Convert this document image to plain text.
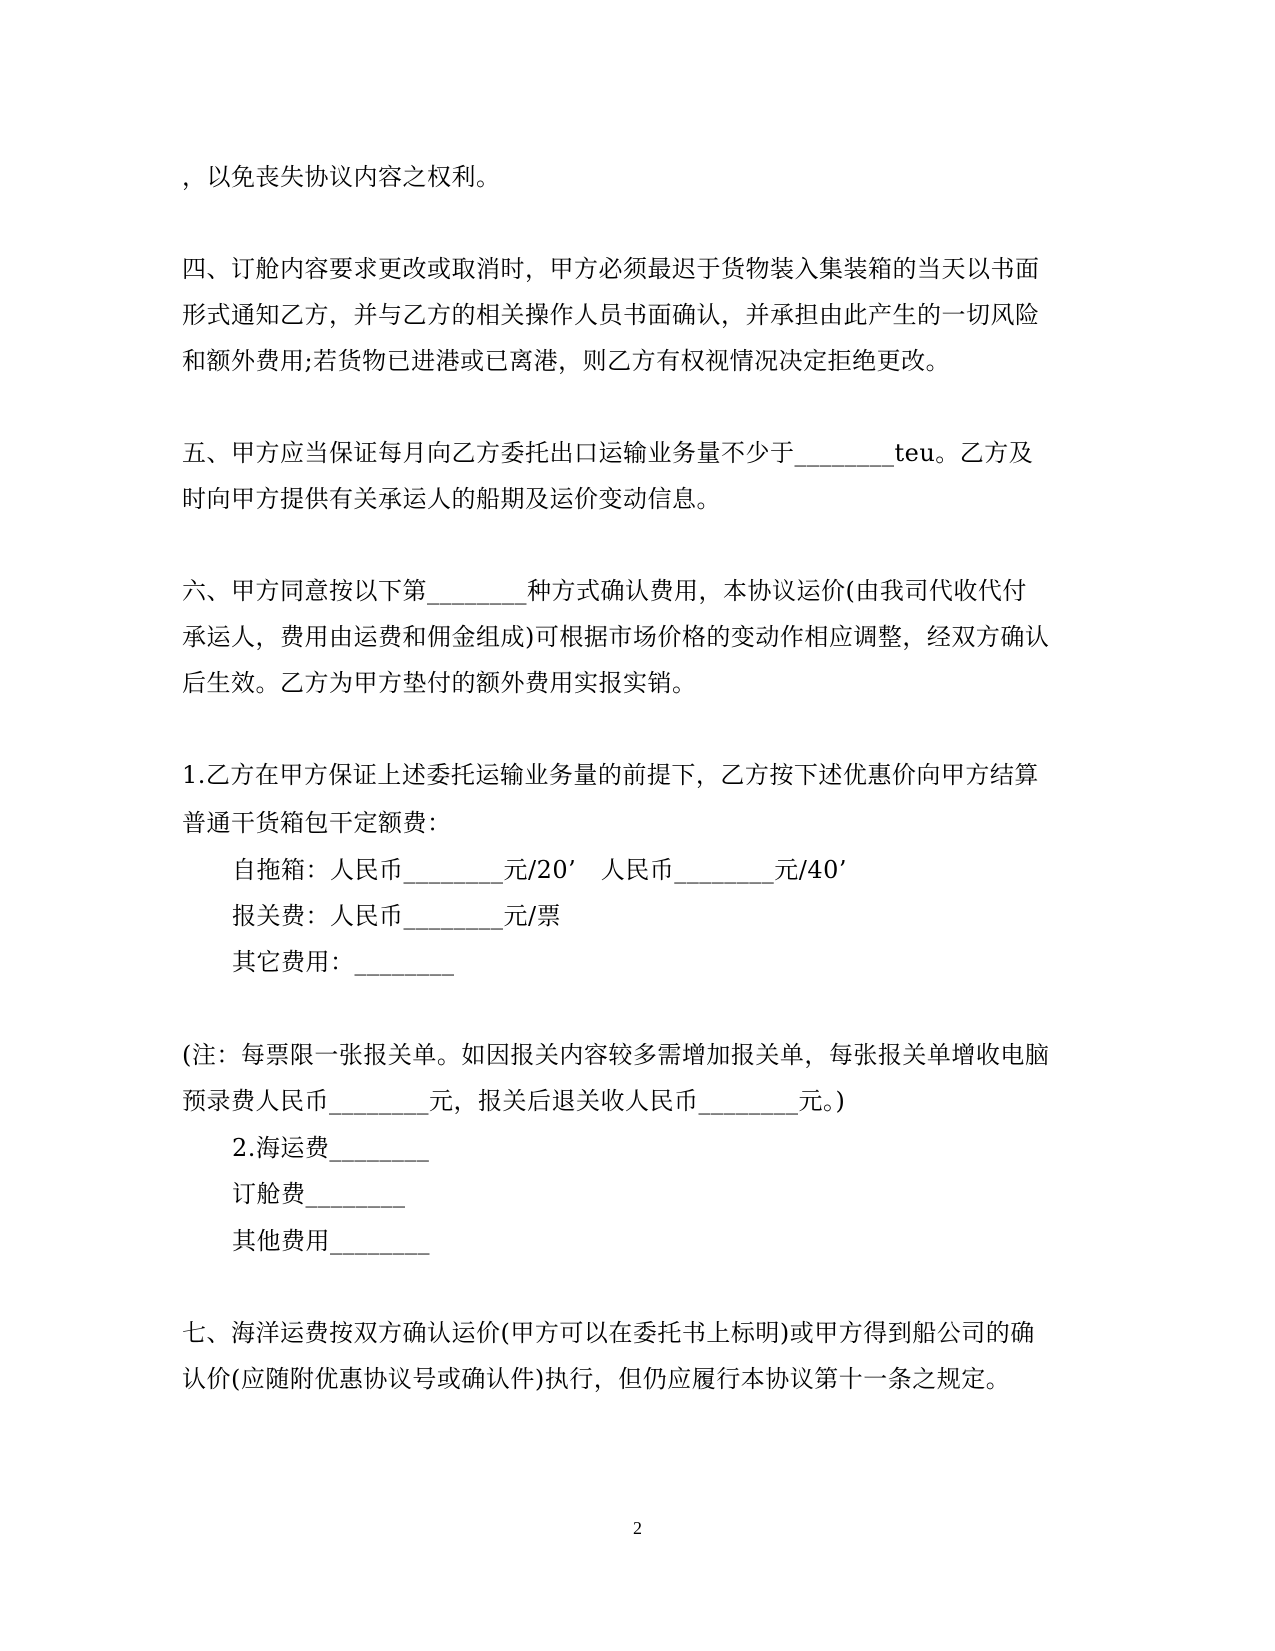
，以免丧失协议内容之权利。
四、订舱内容要求更改或取消时，甲方必须最迟于货物装入集装箱的当天以书面
形式通知乙方，并与乙方的相关操作人员书面确认，并承担由此产生的一切风险
和额外费用;若货物已进港或已离港，则乙方有权视情况决定拒绝更改。
五、甲方应当保证每月向乙方委托出口运输业务量不少于________teu。乙方及
时向甲方提供有关承运人的船期及运价变动信息。
六、甲方同意按以下第________种方式确认费用，本协议运价(由我司代收代付
承运人，费用由运费和佣金组成)可根据市场价格的变动作相应调整，经双方确认
后生效。乙方为甲方垫付的额外费用实报实销。
1.乙方在甲方保证上述委托运输业务量的前提下，乙方按下述优惠价向甲方结算
普通干货箱包干定额费：
自拖箱：人民币________元/20’　人民币________元/40’
报关费：人民币________元/票
其它费用：________
(注：每票限一张报关单。如因报关内容较多需增加报关单，每张报关单增收电脑
预录费人民币________元，报关后退关收人民币________元。)
2.海运费________
订舱费________
其他费用________
七、海洋运费按双方确认运价(甲方可以在委托书上标明)或甲方得到船公司的确
认价(应随附优惠协议号或确认件)执行，但仍应履行本协议第十一条之规定。
2
